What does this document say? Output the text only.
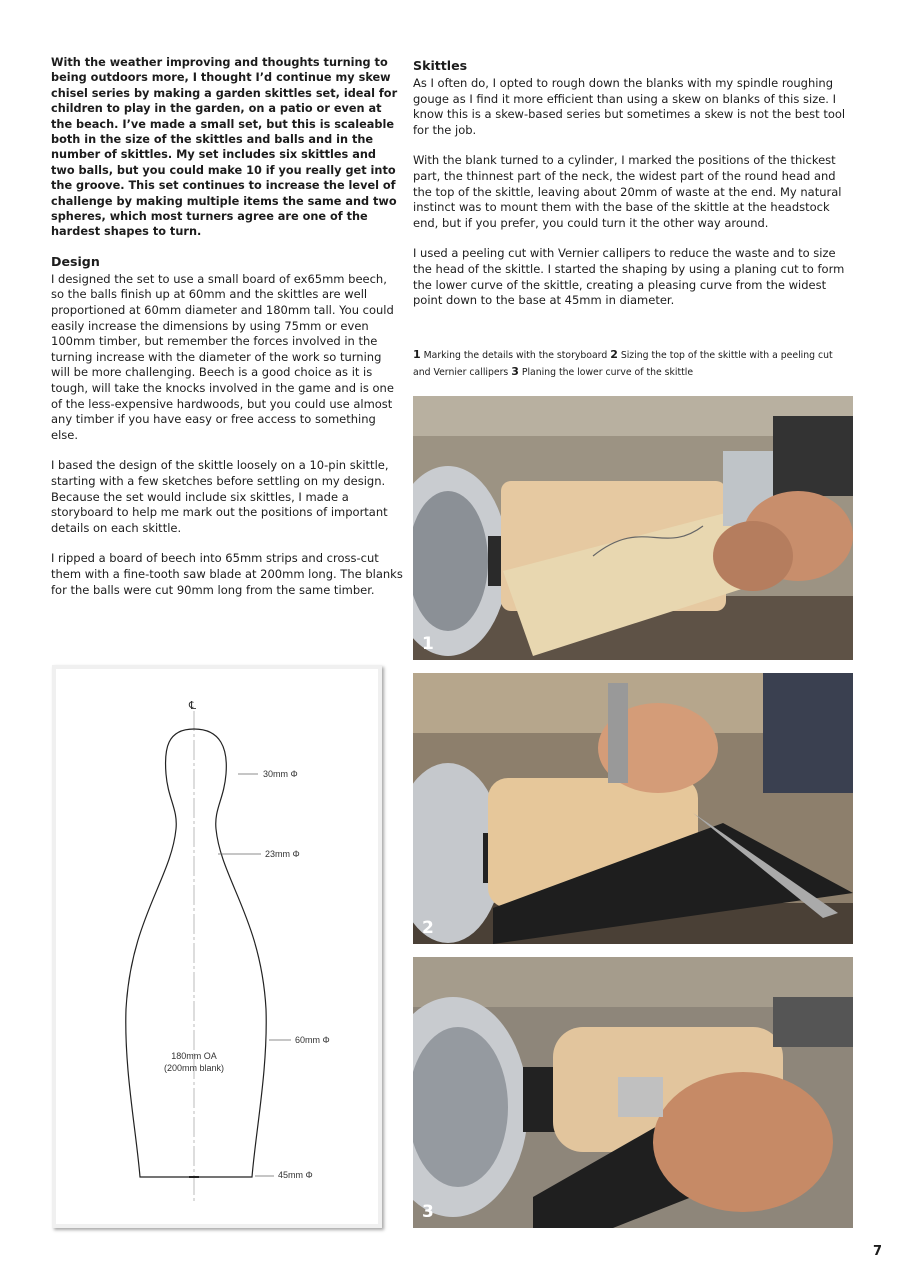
With the weather improving and thoughts turning to being outdoors more, I thought I’d continue my skew chisel series by making a garden skittles set, ideal for children to play in the garden, on a patio or even at the beach. I’ve made a small set, but this is scaleable both in the size of the skittles and balls and in the number of skittles. My set includes six skittles and two balls, but you could make 10 if you really get into the groove. This set continues to increase the level of challenge by making multiple items the same and two spheres, which most turners agree are one of the hardest shapes to turn.

Design

I designed the set to use a small board of ex65mm beech, so the balls finish up at 60mm and the skittles are well proportioned at 60mm diameter and 180mm tall. You could easily increase the dimensions by using 75mm or even 100mm timber, but remember the forces involved in the turning increase with the diameter of the work so turning will be more challenging. Beech is a good choice as it is tough, will take the knocks involved in the game and is one of the less-expensive hardwoods, but you could use almost any timber if you have easy or free access to something else.

I based the design of the skittle loosely on a 10-pin skittle, starting with a few sketches before settling on my design. Because the set would include six skittles, I made a storyboard to help me mark out the positions of important details on each skittle.

I ripped a board of beech into 65mm strips and cross-cut them with a fine-tooth saw blade at 200mm long. The blanks for the balls were cut 90mm long from the same timber.

Skittles

As I often do, I opted to rough down the blanks with my spindle roughing gouge as I find it more efficient than using a skew on blanks of this size. I know this is a skew-based series but sometimes a skew is not the best tool for the job.

With the blank turned to a cylinder, I marked the positions of the thickest part, the thinnest part of the neck, the widest part of the round head and the top of the skittle, leaving about 20mm of waste at the end. My natural instinct was to mount them with the base of the skittle at the headstock end, but if you prefer, you could turn it the other way around.

I used a peeling cut with Vernier callipers to reduce the waste and to size the head of the skittle. I started the shaping by using a planing cut to form the lower curve of the skittle, creating a pleasing curve from the widest point down to the base at 45mm in diameter.

1 Marking the details with the storyboard 2 Sizing the top of the skittle with a peeling cut and Vernier callipers 3 Planing the lower curve of the skittle
1
2
3
℄
30mm Φ
23mm Φ
60mm Φ
45mm Φ
180mm OA
(200mm blank)
7
